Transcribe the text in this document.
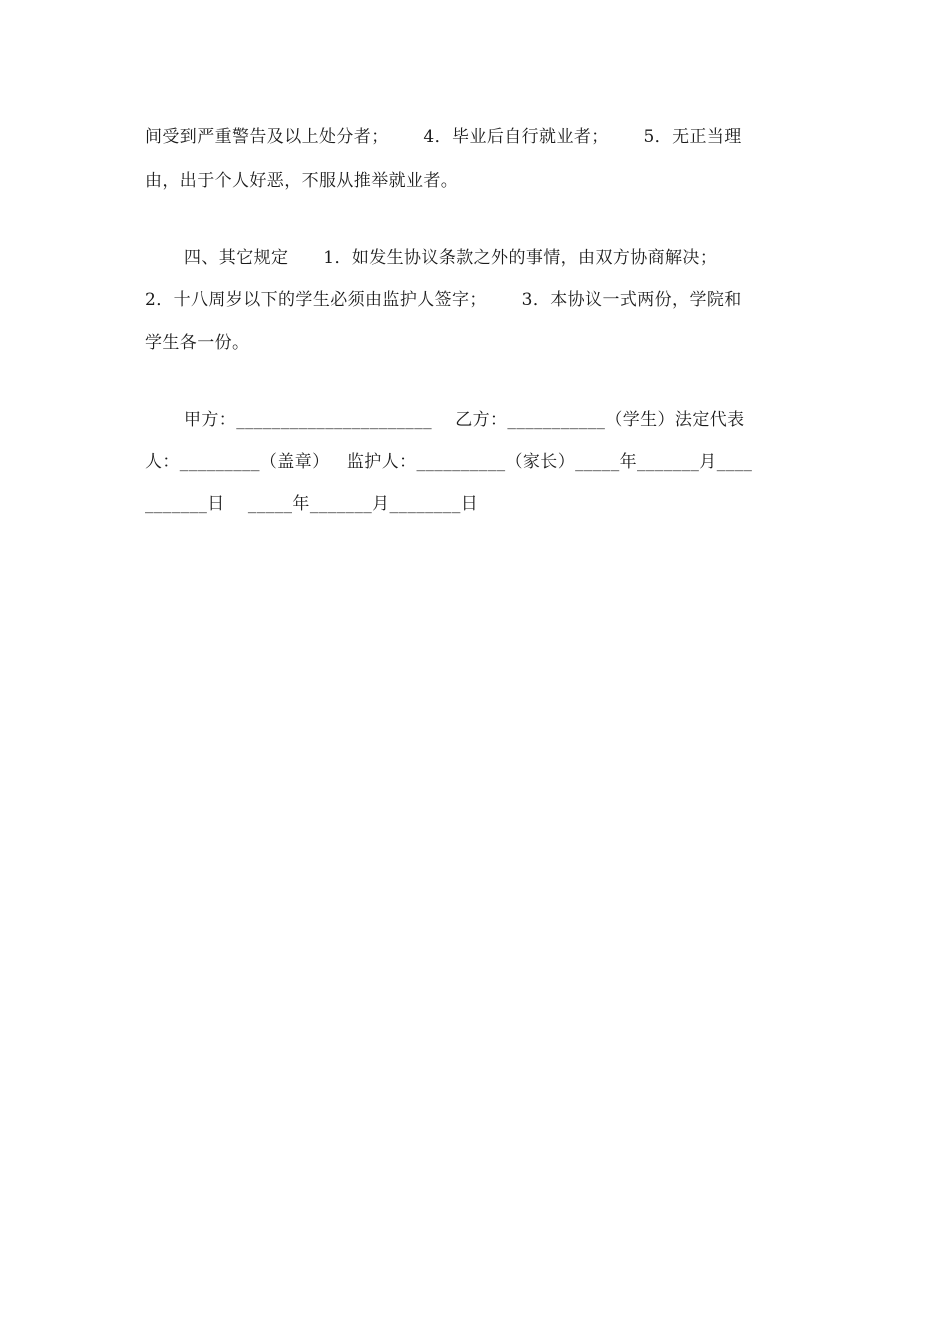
间受到严重警告及以上处分者；      4．毕业后自行就业者；      5．无正当理
由，出于个人好恶，不服从推举就业者。
四、其它规定      1．如发生协议条款之外的事情，由双方协商解决；
2．十八周岁以下的学生必须由监护人签字；      3．本协议一式两份，学院和
学生各一份。
甲方：______________________    乙方：___________（学生）法定代表
人：_________（盖章）   监护人：__________（家长）_____年_______月____
_______日    _____年_______月________日
